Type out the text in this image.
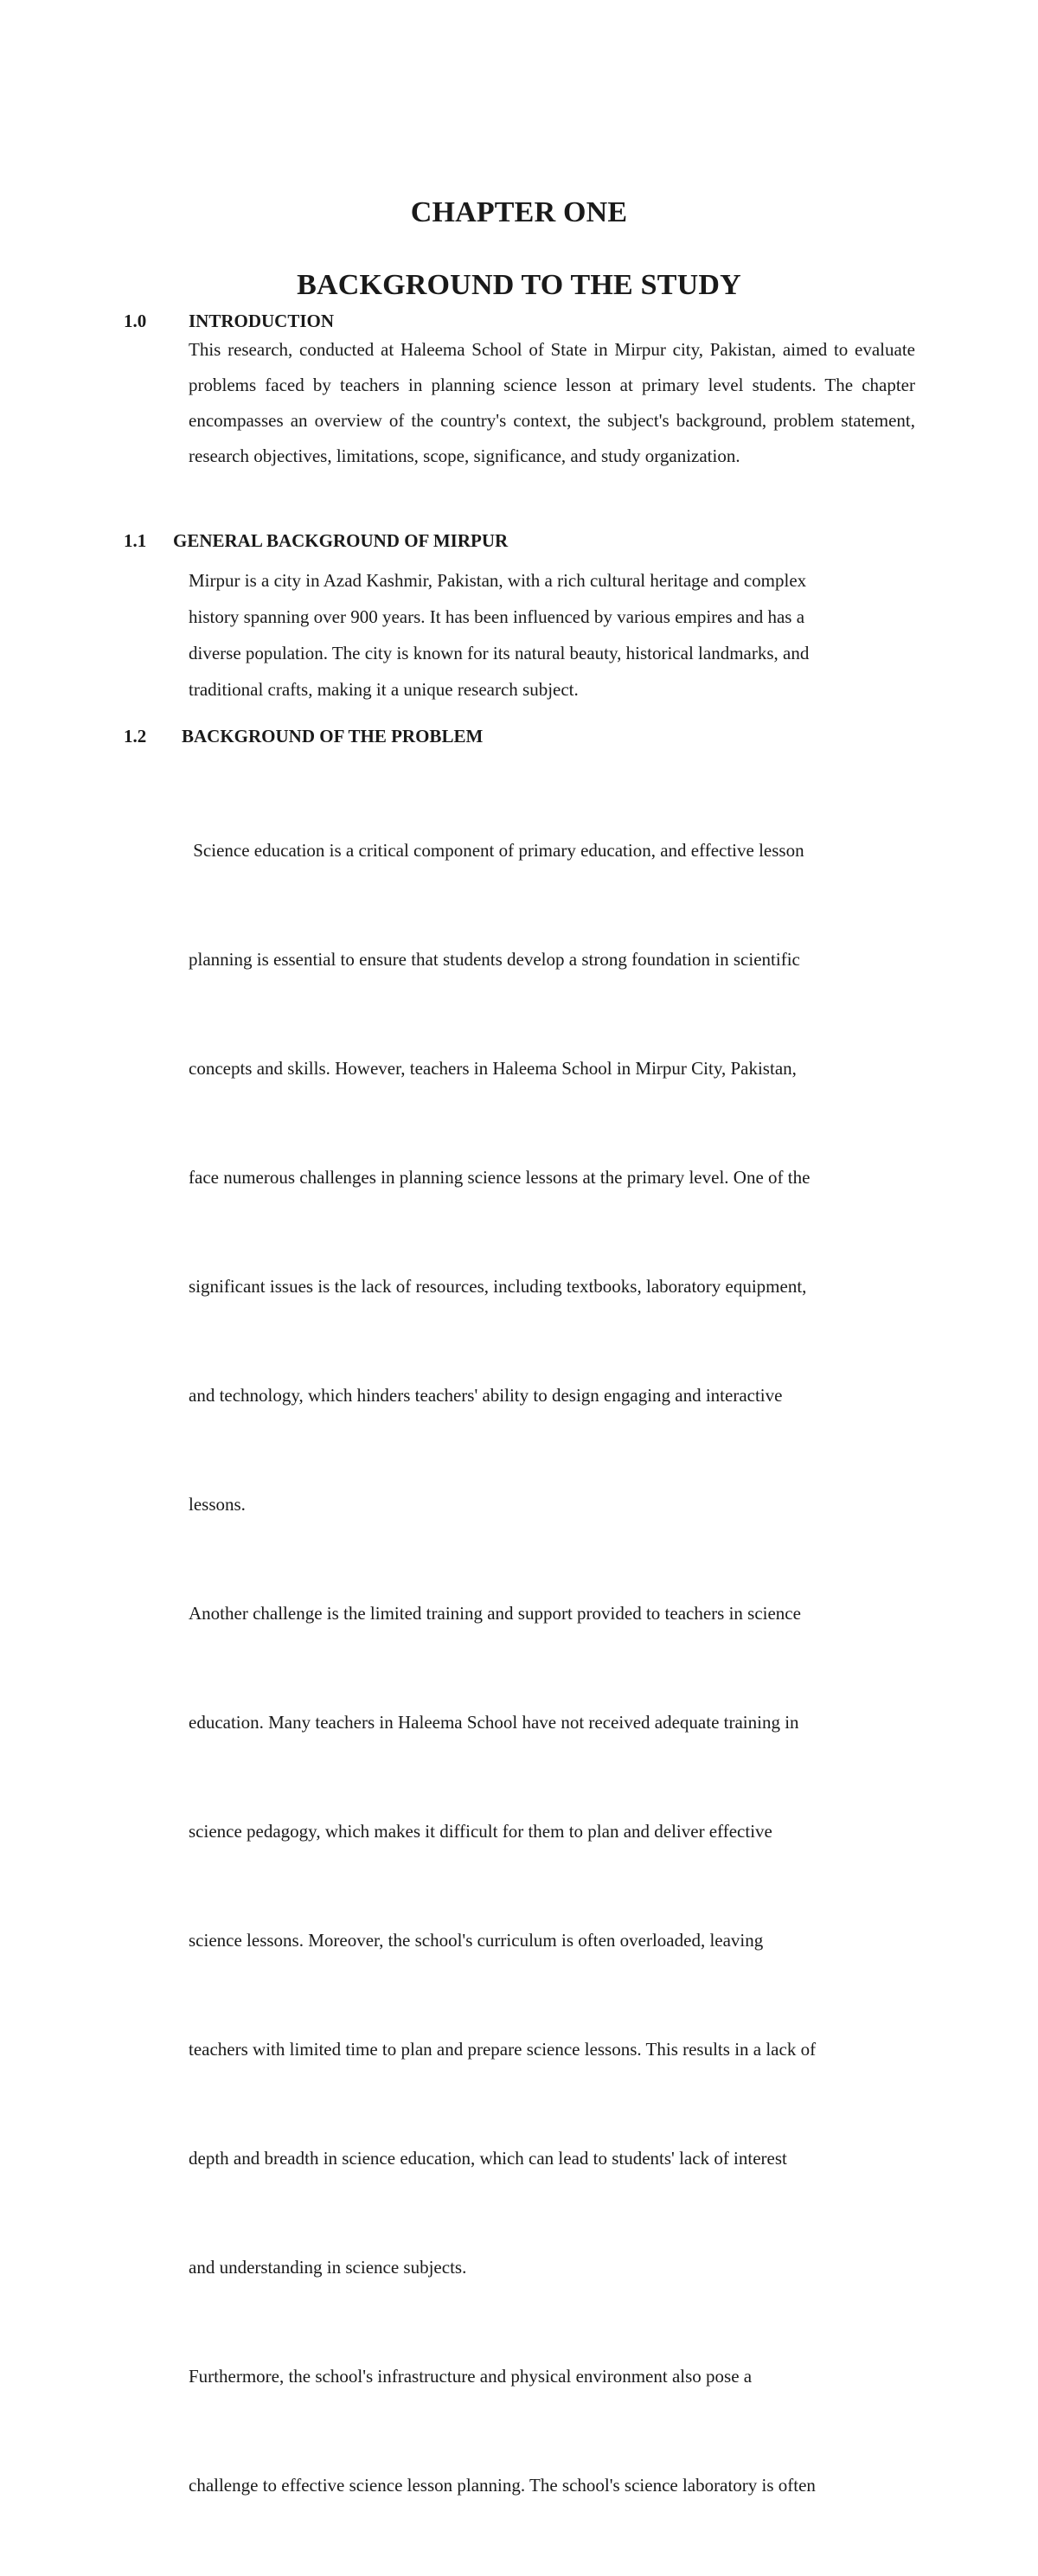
CHAPTER ONE
BACKGROUND TO THE STUDY
1.0 INTRODUCTION

This research, conducted at Haleema School of State in Mirpur city, Pakistan, aimed to evaluate problems faced by teachers in planning science lesson at primary level students. The chapter encompasses an overview of the country's context, the subject's background, problem statement, research objectives, limitations, scope, significance, and study organization.

1.1 GENERAL BACKGROUND OF MIRPUR
Mirpur is a city in Azad Kashmir, Pakistan, with a rich cultural heritage and complex
history spanning over 900 years. It has been influenced by various empires and has a
diverse population. The city is known for its natural beauty, historical landmarks, and
traditional crafts, making it a unique research subject.
1.2 BACKGROUND OF THE PROBLEM

Science education is a critical component of primary education, and effective lesson

planning is essential to ensure that students develop a strong foundation in scientific

concepts and skills. However, teachers in Haleema School in Mirpur City, Pakistan,

face numerous challenges in planning science lessons at the primary level. One of the

significant issues is the lack of resources, including textbooks, laboratory equipment,

and technology, which hinders teachers' ability to design engaging and interactive

lessons.

Another challenge is the limited training and support provided to teachers in science

education. Many teachers in Haleema School have not received adequate training in

science pedagogy, which makes it difficult for them to plan and deliver effective

science lessons. Moreover, the school's curriculum is often overloaded, leaving

teachers with limited time to plan and prepare science lessons. This results in a lack of

depth and breadth in science education, which can lead to students' lack of interest

and understanding in science subjects.

Furthermore, the school's infrastructure and physical environment also pose a

challenge to effective science lesson planning. The school's science laboratory is often
